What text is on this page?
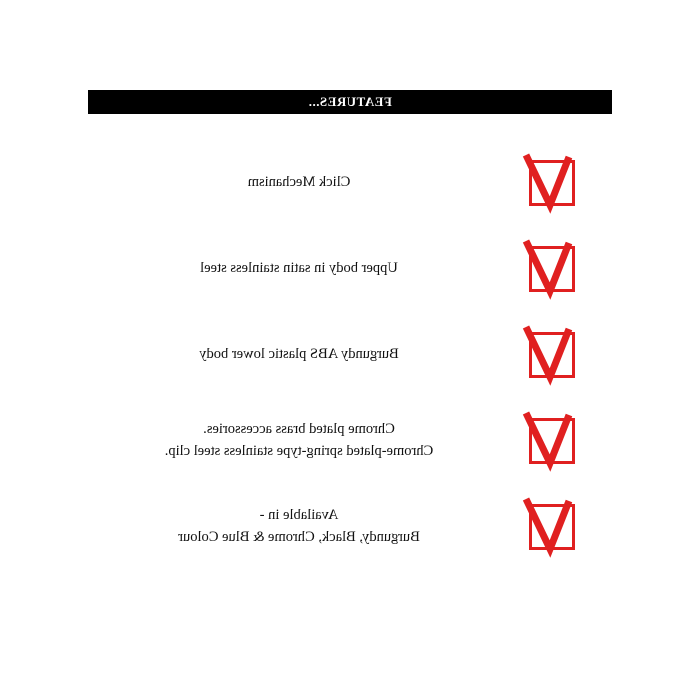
FEATURES...
Click Mechanism
Upper body in satin stainless steel
Burgundy ABS plastic lower body
Chrome plated brass accessories.
Chrome-plated spring-type stainless steel clip.
Available in -
Burgundy, Black, Chrome & Blue Colour
